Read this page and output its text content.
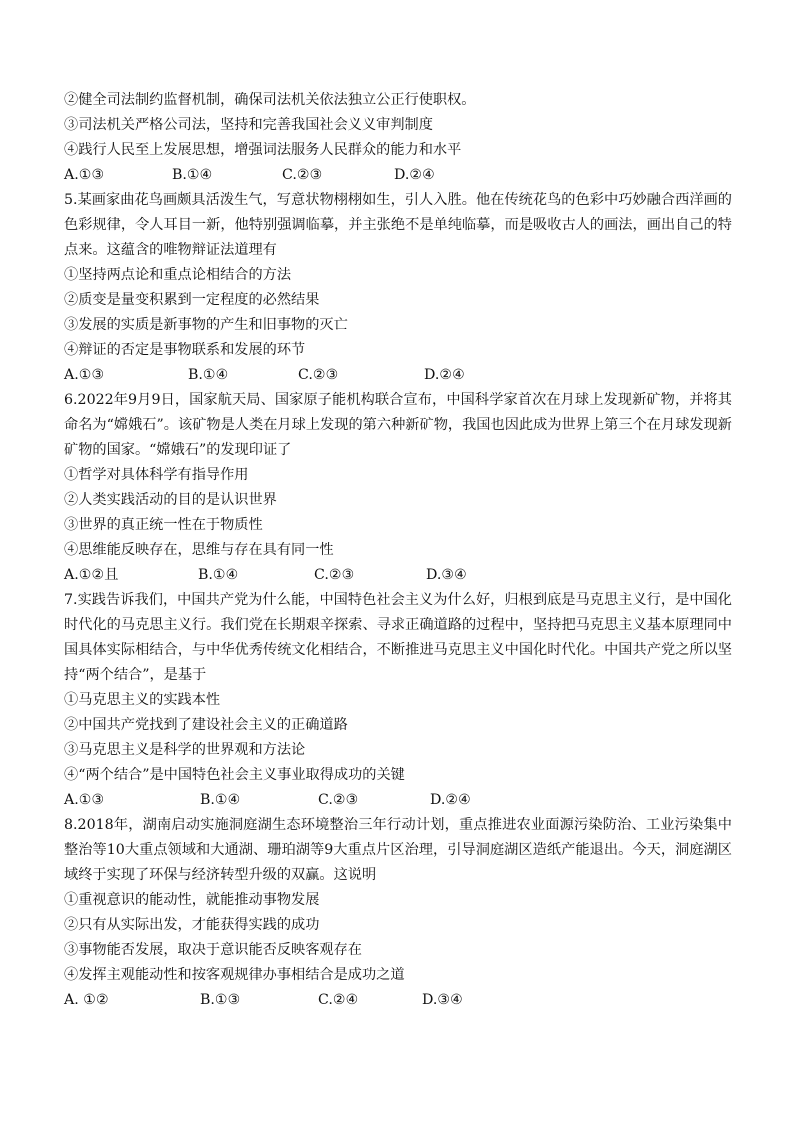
②健全司法制约监督机制，确保司法机关依法独立公正行使职权。
③司法机关严格公司法，坚持和完善我国社会义义审判制度
④践行人民至上发展思想，增强词法服务人民群众的能力和水平
A.①③	B.①④	C.②③	D.②④
5.某画家曲花鸟画颇具活泼生气，写意状物栩栩如生，引人入胜。他在传统花鸟的色彩中巧妙融合西洋画的色彩规律，令人耳目一新，他特别强调临摹，并主张绝不是单纯临摹，而是吸收古人的画法，画出自己的特点来。这蕴含的唯物辩证法道理有
①坚持两点论和重点论相结合的方法
②质变是量变积累到一定程度的必然结果
③发展的实质是新事物的产生和旧事物的灭亡
④辩证的否定是事物联系和发展的环节
A.①③	B.①④	C.②③	D.②④
6.2022年9月9日，国家航天局、国家原子能机构联合宣布，中国科学家首次在月球上发现新矿物，并将其命名为“嫦娥石”。该矿物是人类在月球上发现的第六种新矿物，我国也因此成为世界上第三个在月球发现新矿物的国家。“嫦娥石”的发现印证了
①哲学对具体科学有指导作用
②人类实践活动的目的是认识世界
③世界的真正统一性在于物质性
④思维能反映存在，思维与存在具有同一性
A.①②且	B.①④	C.②③	D.③④
7.实践告诉我们，中国共产党为什么能，中国特色社会主义为什么好，归根到底是马克思主义行，是中国化时代化的马克思主义行。我们党在长期艰辛探索、寻求正确道路的过程中，坚持把马克思主义基本原理同中国具体实际相结合，与中华优秀传统文化相结合，不断推进马克思主义中国化时代化。中国共产党之所以坚持“两个结合”，是基于
①马克思主义的实践本性
②中国共产党找到了建设社会主义的正确道路
③马克思主义是科学的世界观和方法论
④“两个结合”是中国特色社会主义事业取得成功的关键
A.①③	B.①④	C.②③	D.②④
8.2018年，湖南启动实施洞庭湖生态环境整治三年行动计划，重点推进农业面源污染防治、工业污染集中整治等10大重点领域和大通湖、珊珀湖等9大重点片区治理，引导洞庭湖区造纸产能退出。今天，洞庭湖区域终于实现了环保与经济转型升级的双赢。这说明
①重视意识的能动性，就能推动事物发展
②只有从实际出发，才能获得实践的成功
③事物能否发展，取决于意识能否反映客观存在
④发挥主观能动性和按客观规律办事相结合是成功之道
A. ①②	B.①③	C.②④	D.③④
